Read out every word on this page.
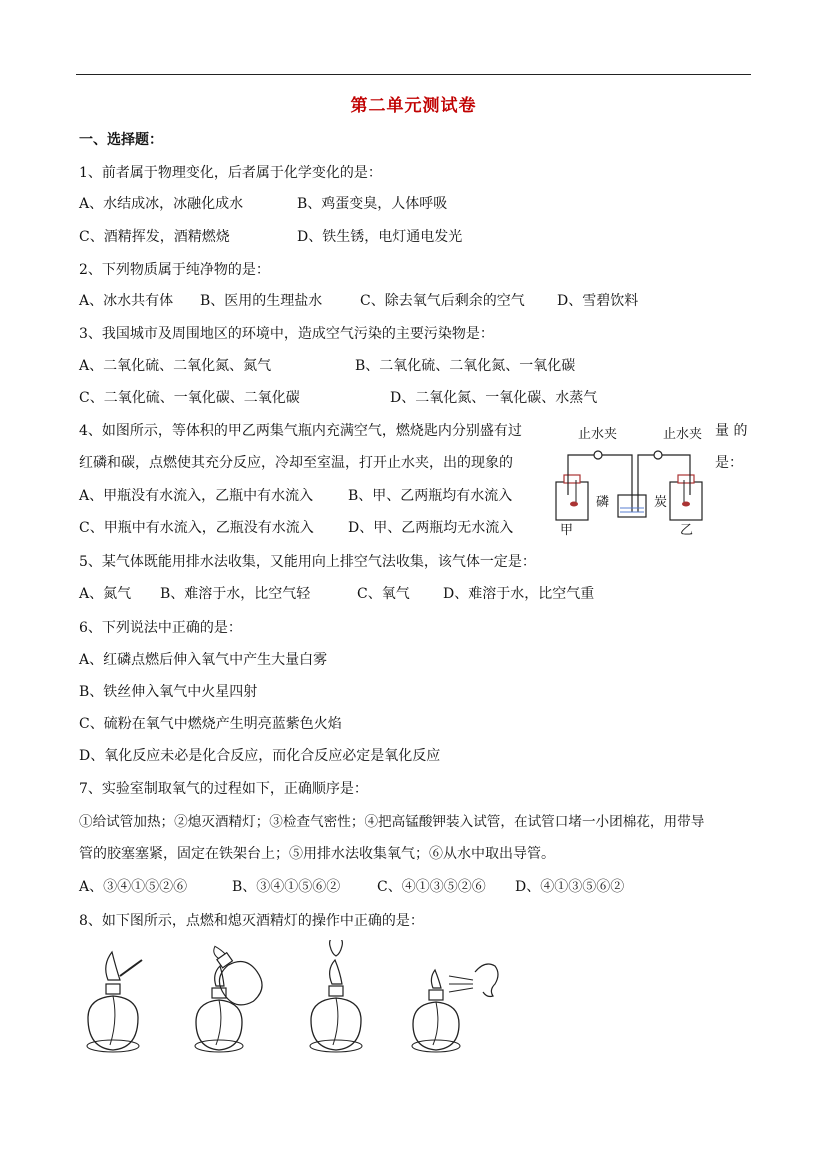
第二单元测试卷
一、选择题：
1、前者属于物理变化，后者属于化学变化的是：
A、水结成冰，冰融化成水	B、鸡蛋变臭，人体呼吸
C、酒精挥发，酒精燃烧	D、铁生锈，电灯通电发光
2、下列物质属于纯净物的是：
A、冰水共有体 B、医用的生理盐水	C、除去氧气后剩余的空气 D、雪碧饮料
3、我国城市及周围地区的环境中，造成空气污染的主要污染物是：
A、二氧化硫、二氧化氮、氮气	B、二氧化硫、二氧化氮、一氧化碳
C、二氧化硫、一氧化碳、二氧化碳	D、二氧化氮、一氧化碳、水蒸气
4、如图所示，等体积的甲乙两集气瓶内充满空气，燃烧匙内分别盛有过	量 的
红磷和碳，点燃使其充分反应，冷却至室温，打开止水夹，出的现象的	是：
A、甲瓶没有水流入，乙瓶中有水流入 B、甲、乙两瓶均有水流入
C、甲瓶中有水流入，乙瓶没有水流入 D、甲、乙两瓶均无水流入
止水夹	止水夹
磷	炭
甲	乙
5、某气体既能用排水法收集，又能用向上排空气法收集，该气体一定是：
A、氮气 B、难溶于水，比空气轻	C、氧气 D、难溶于水，比空气重
6、下列说法中正确的是：
A、红磷点燃后伸入氧气中产生大量白雾
B、铁丝伸入氧气中火星四射
C、硫粉在氧气中燃烧产生明亮蓝紫色火焰
D、氧化反应未必是化合反应，而化合反应必定是氧化反应
7、实验室制取氧气的过程如下，正确顺序是：
①给试管加热；②熄灭酒精灯；③检查气密性；④把高锰酸钾装入试管，在试管口堵一小团棉花，用带导
管的胶塞塞紧，固定在铁架台上；⑤用排水法收集氧气；⑥从水中取出导管。
A、③④①⑤②⑥	B、③④①⑤⑥②	C、④①③⑤②⑥ D、④①③⑤⑥②
8、如下图所示，点燃和熄灭酒精灯的操作中正确的是：
